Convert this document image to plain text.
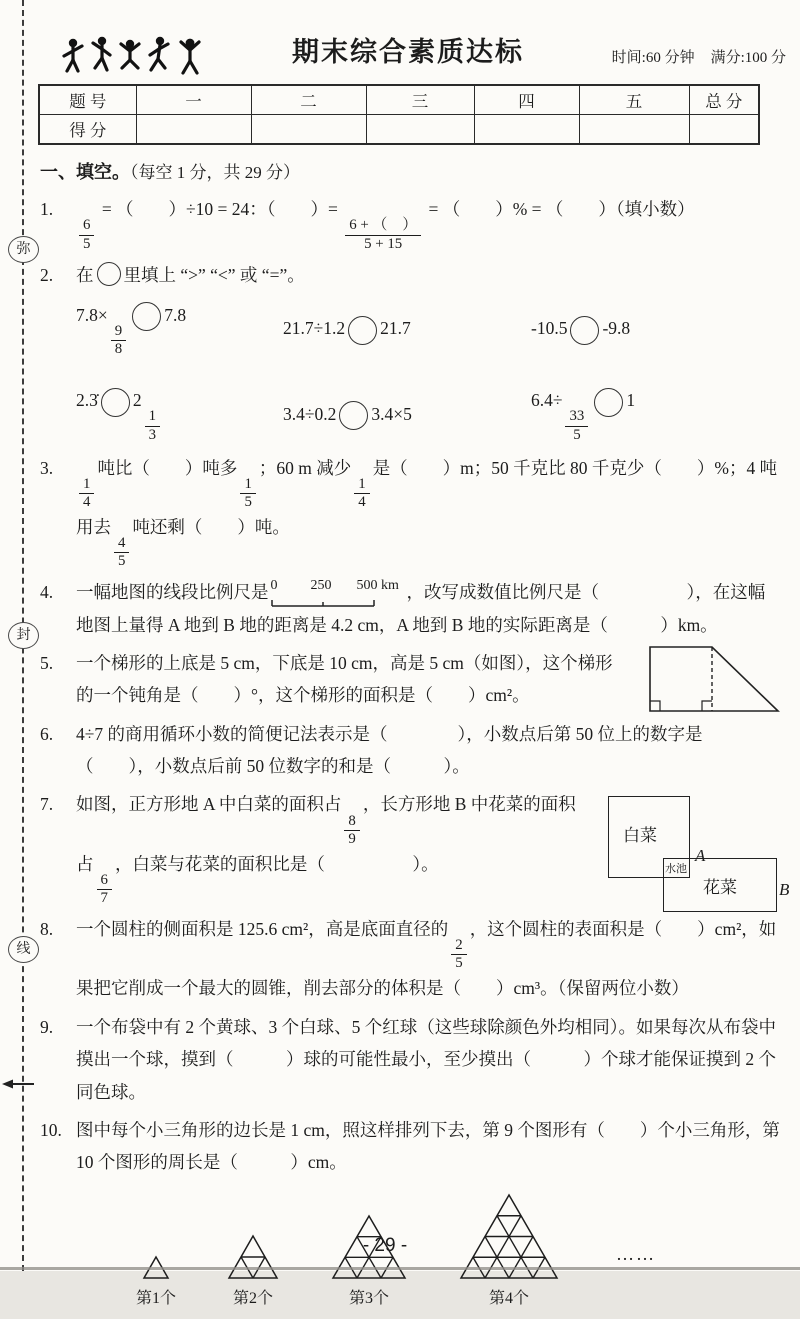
弥
封
线
期末综合素质达标	时间:60 分钟 满分:100 分
题 号	一	二	三	四	五	总 分
得 分						
一、填空。（每空 1 分，共 29 分）
1.
$\frac{6}{5}$
= （　　）÷10 = 24：（　　）=
$\frac{6 + ( )}{5 + 15}$
= （　　）% = （　　）（填小数）
2.	在 里填上 “>” “<” 或 “=”。
7.8×
$\frac{9}{8}$
7.8
21.7÷1.2 21.7	-10.5 -9.8
2.3̇ 2
$\frac{1}{3}$	3.4÷0.2 3.4×5
6.4÷
$\frac{33}{5}$
1
3.
$\frac{1}{4}$
吨比（　　）吨多
$\frac{1}{5}$
；60 m 减少
$\frac{1}{4}$
是（　　）m；50 千克比 80 千克少（　　）%；4 吨用去
$\frac{4}{5}$
吨还剩（　　）吨。
4.	一幅地图的线段比例尺是 0 250 500 km ，改写成数值比例尺是（　　　　　），在这幅地图上量得 A 地到 B 地的距离是 4.2 cm，A 地到 B 地的实际距离是（　　　）km。
5.	一个梯形的上底是 5 cm，下底是 10 cm，高是 5 cm（如图），这个梯形的一个钝角是（　　）°，这个梯形的面积是（　　）cm²。
6.	4÷7 的商用循环小数的简便记法表示是（　　　　），小数点后第 50 位上的数字是（　　），小数点后前 50 位数字的和是（　　　）。
7.	如图，正方形地 A 中白菜的面积占
$\frac{8}{9}$
，长方形地 B 中花菜的面积占
$\frac{6}{7}$
，白菜与花菜的面积比是（　　　　　）。
白菜
花菜
水池
A
B
8.	一个圆柱的侧面积是 125.6 cm²，高是底面直径的
$\frac{2}{5}$
，这个圆柱的表面积是（　　）cm²，如果把它削成一个最大的圆锥，削去部分的体积是（　　）cm³。（保留两位小数）
9.	一个布袋中有 2 个黄球、3 个白球、5 个红球（这些球除颜色外均相同）。如果每次从布袋中摸出一个球，摸到（　　　）球的可能性最小，至少摸出（　　　）个球才能保证摸到 2 个同色球。
10. 图中每个小三角形的边长是 1 cm，照这样排列下去，第 9 个图形有（　　）个小三角形，第 10 个图形的周长是（　　　）cm。
第1个	第2个	第3个	第4个
……
- 29 -
